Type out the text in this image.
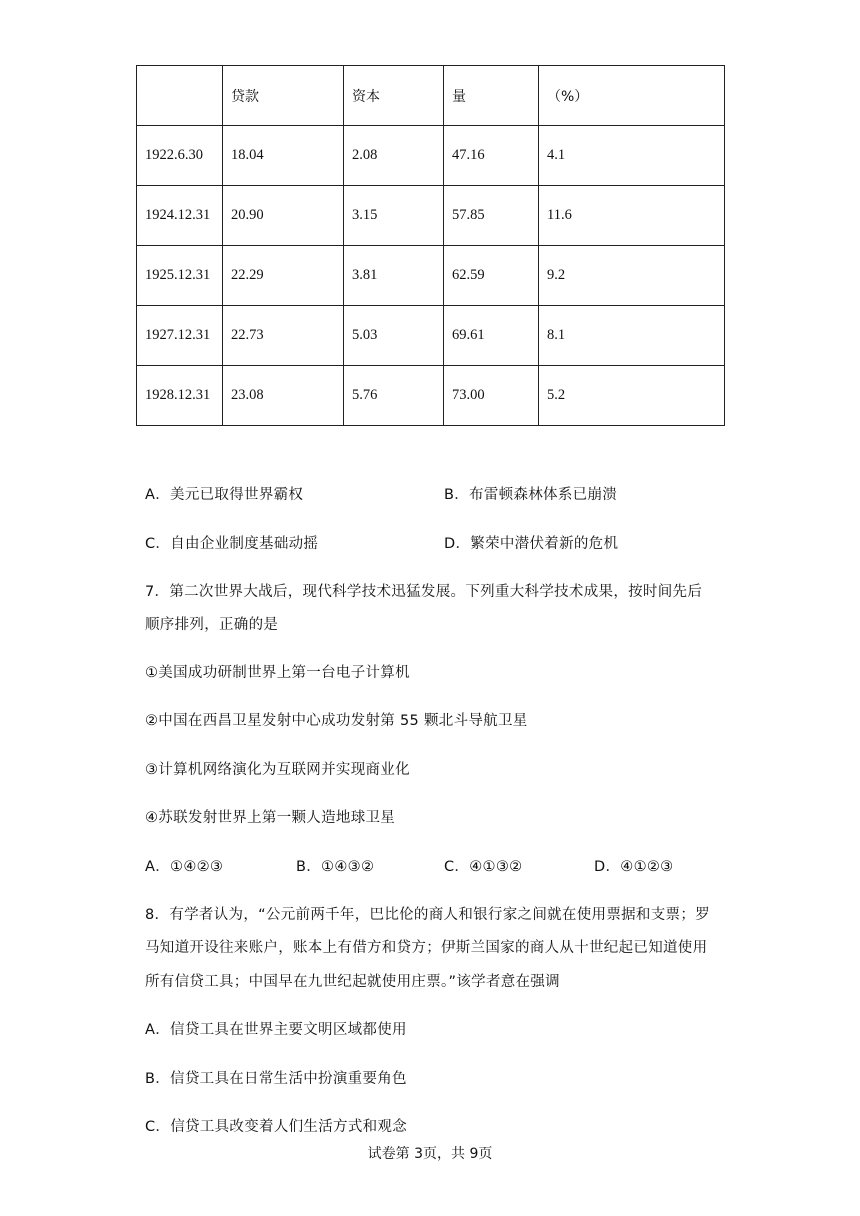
	贷款	资本	量	（%）
1922.6.30	18.04	2.08	47.16	4.1
1924.12.31	20.90	3.15	57.85	11.6
1925.12.31	22.29	3.81	62.59	9.2
1927.12.31	22.73	5.03	69.61	8.1
1928.12.31	23.08	5.76	73.00	5.2
A．美元已取得世界霸权	B．布雷顿森林体系已崩溃
C．自由企业制度基础动摇	D．繁荣中潜伏着新的危机
7．第二次世界大战后，现代科学技术迅猛发展。下列重大科学技术成果，按时间先后
顺序排列，正确的是
①美国成功研制世界上第一台电子计算机
②中国在西昌卫星发射中心成功发射第 55 颗北斗导航卫星
③计算机网络演化为互联网并实现商业化
④苏联发射世界上第一颗人造地球卫星
A．①④②③	B．①④③②	C．④①③②	D．④①②③
8．有学者认为，“公元前两千年，巴比伦的商人和银行家之间就在使用票据和支票；罗
马知道开设往来账户，账本上有借方和贷方；伊斯兰国家的商人从十世纪起已知道使用
所有信贷工具；中国早在九世纪起就使用庄票。”该学者意在强调
A．信贷工具在世界主要文明区域都使用
B．信贷工具在日常生活中扮演重要角色
C．信贷工具改变着人们生活方式和观念
试卷第 3页，共 9页
